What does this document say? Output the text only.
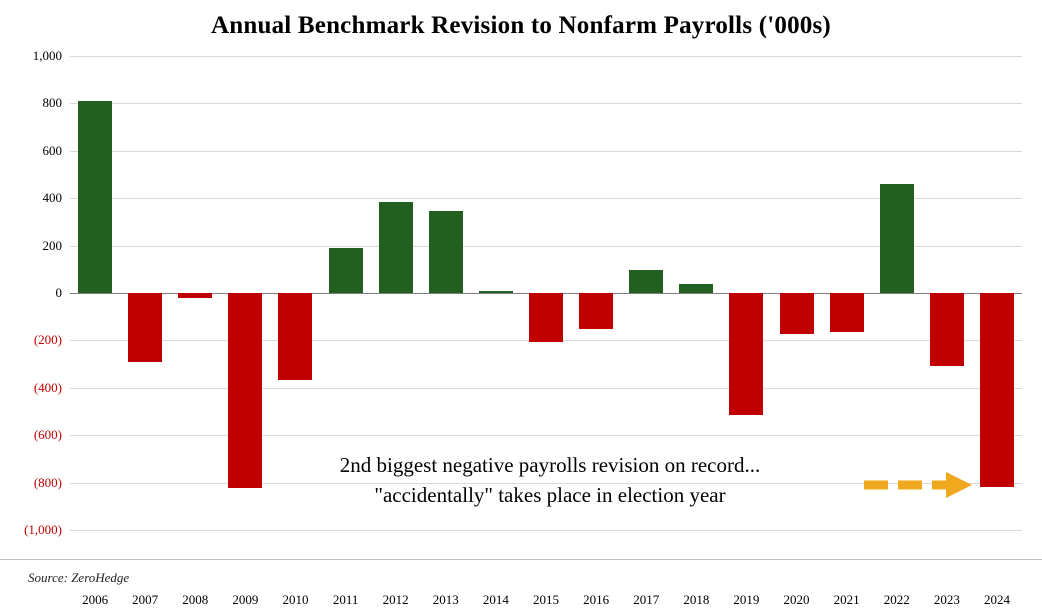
Annual Benchmark Revision to Nonfarm Payrolls ('000s)
1,000
800
600
400
200
0
(200)
(400)
(600)
(800)
(1,000)
2006	2007	2008	2009	2010	2011	2012	2013	2014	2015	2016	2017	2018	2019	2020	2021	2022	2023	2024
2nd biggest negative payrolls revision on record...
"accidentally" takes place in election year
Source: ZeroHedge
